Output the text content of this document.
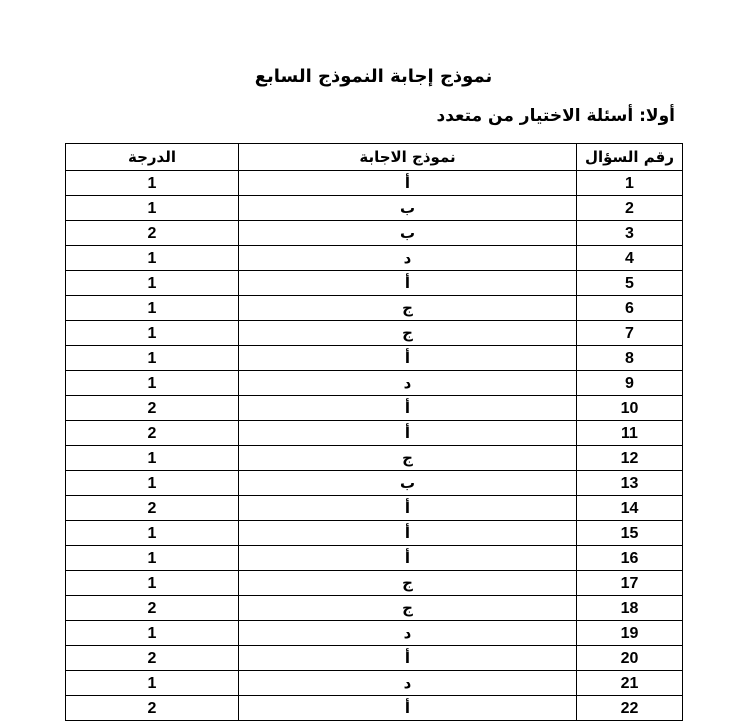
نموذج إجابة النموذج السابع
أولا: أسئلة الاختيار من متعدد
رقم السؤال	نموذج الاجابة	الدرجة
1	أ	1
2	ب	1
3	ب	2
4	د	1
5	أ	1
6	ج	1
7	ج	1
8	أ	1
9	د	1
10	أ	2
11	أ	2
12	ج	1
13	ب	1
14	أ	2
15	أ	1
16	أ	1
17	ج	1
18	ج	2
19	د	1
20	أ	2
21	د	1
22	أ	2
